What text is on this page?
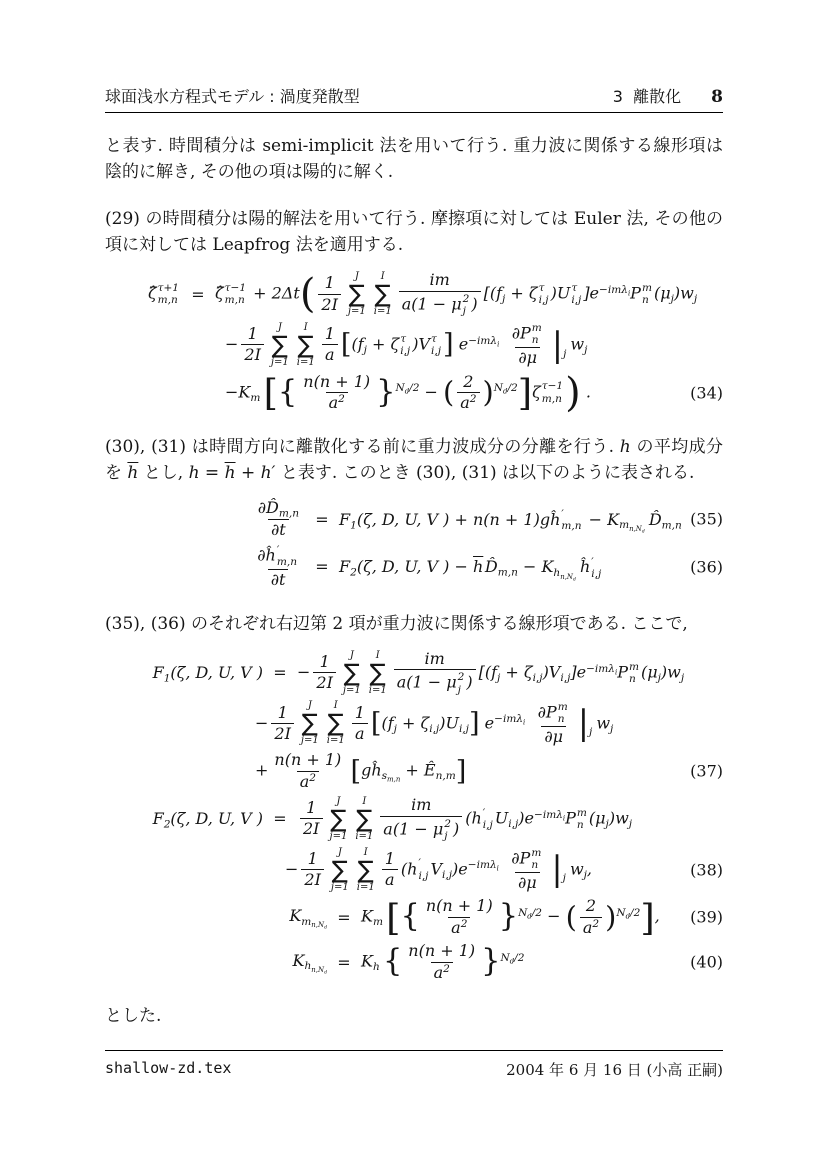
球面浅水方程式モデル : 渦度発散型	3  離散化 8

と表す. 時間積分は semi-implicit 法を用いて行う. 重力波に関係する線形項は陰的に解き, その他の項は陽的に解く.

(29) の時間積分は陽的解法を用いて行う. 摩擦項に対しては Euler 法, その他の項に対しては Leapfrog 法を適用する.

ζ̂ τ+1
m,n = ζ̂ τ−1
$m,n + 2\Delta t( \frac{1}{2I}$ J
∑
j=1
I
∑
i=1 im
a(1 − μ 2
j ) [($f_j + \zeta$ τ
i,j )U τ
i,j ]$e^{-im\lambda_i}P$ m
n $(\mu_j)w_j$
− $\frac{1}{2I}$ J
∑
j=1
I
∑
$i=1 \frac{1}{a} [(f_j + \zeta$ τ
i,j )V τ
i,j ] $e^{-im\lambda_i}$ ∂P m
n
∂μ | j
$w_j$
$-K_m$ [{ $\frac{n(n + 1)}{a^2} \}^{N_d/2}$ − ( $\frac{2}{a^2} )^{N_d/2}]\zeta$ τ−1
m,n ) .	(34)

(30), (31) は時間方向に離散化する前に重力波成分の分離を行う. h の平均成分を $\overline{h}$ とし, $h = \overline{h} + h'$ と表す. このとき (30), (31) は以下のように表される.

$\frac{\partial D̂_{m,n}}{\partial t} = F_1(\zeta$, D, U, V ) + n(n + 1)gĥ ′
$m,n - K_{m_{n,N_d}}$ $D̂_{m,n}$ (35)
∂ĥ ′
m,n
$\partial t = F_2(\zeta$, D, U, V ) − $\overline{h}$ $D̂_{m,n} - K_{h_{n,N_d}}$ ĥ ′
i,j	(36)

(35), (36) のそれぞれ右辺第 2 項が重力波に関係する線形項である. ここで,

$F_1(\zeta$, D, U, V ) = − $\frac{1}{2I}$ J
∑
j=1
I
∑
i=1 im
a(1 − μ 2
j ) $[(f_j + \zeta_{i,j})V_{i,j}]e^{-im\lambda_i}P$ m
n $(\mu_j)w_j$
− $\frac{1}{2I}$ J
∑
j=1
I
∑
$i=1 \frac{1}{a} [(f_j + \zeta_{i,j})U_{i,j}]$ $e^{-im\lambda_i}$ ∂P m
n
∂μ | j
$w_j$
+ $\frac{n(n + 1)}{a^2}$ [$gĥ_{s_{m,n}}$ + $Ê_{n,m}$]	(37)
$F_2(\zeta$, D, U, V ) = $\frac{1}{2I}$ J
∑
j=1
I
∑
i=1 im
a(1 − μ 2
j ) (h ′
i,j $U_{i,j})e^{-im\lambda_i}P$ m
n $(\mu_j)w_j$
− $\frac{1}{2I}$ J
∑
j=1
I
∑
$i=1 \frac{1}{a} (h$ ′
i,j $V_{i,j})e^{-im\lambda_i}$ ∂P m
n
∂μ | j
$w_j$,	(38)
$K_{m_{n,N_d}}$
= $K_m$ [{ $\frac{n(n + 1)}{a^2} \}^{N_d/2}$ − ( $\frac{2}{a^2} )^{N_d/2}$],	(39)
$K_{h_{n,N_d}}$
= $K_h$ { $\frac{n(n + 1)}{a^2} \}^{N_d/2}$	(40)

とした.

shallow-zd.tex	2004 年 6 月 16 日 (小高 正嗣)
